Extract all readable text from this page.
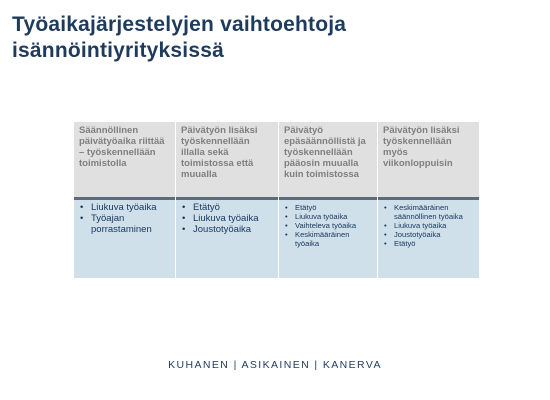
Työaikajärjestelyjen vaihtoehtoja
isännöintiyrityksissä
Säännöllinen päivätyöaika riittää – työskennellään toimistolla
Päivätyön lisäksi työskennellään illalla sekä toimistossa että muualla
Päivätyö epäsäännöllistä ja työskennellään pääosin muualla kuin toimistossa
Päivätyön lisäksi työskennellään myös viikonloppuisin
• Liukuva työaika
• Työajan porrastaminen
• Etätyö
• Liukuva työaika
• Joustotyöaika
• Etätyö
• Liukuva työaika
• Vaihteleva työaika
• Keskimääräinen työaika
• Keskimääräinen säännöllinen työaika
• Liukuva työaika
• Joustotyöaika
• Etätyö
KUHANEN | ASIKAINEN | KANERVA
